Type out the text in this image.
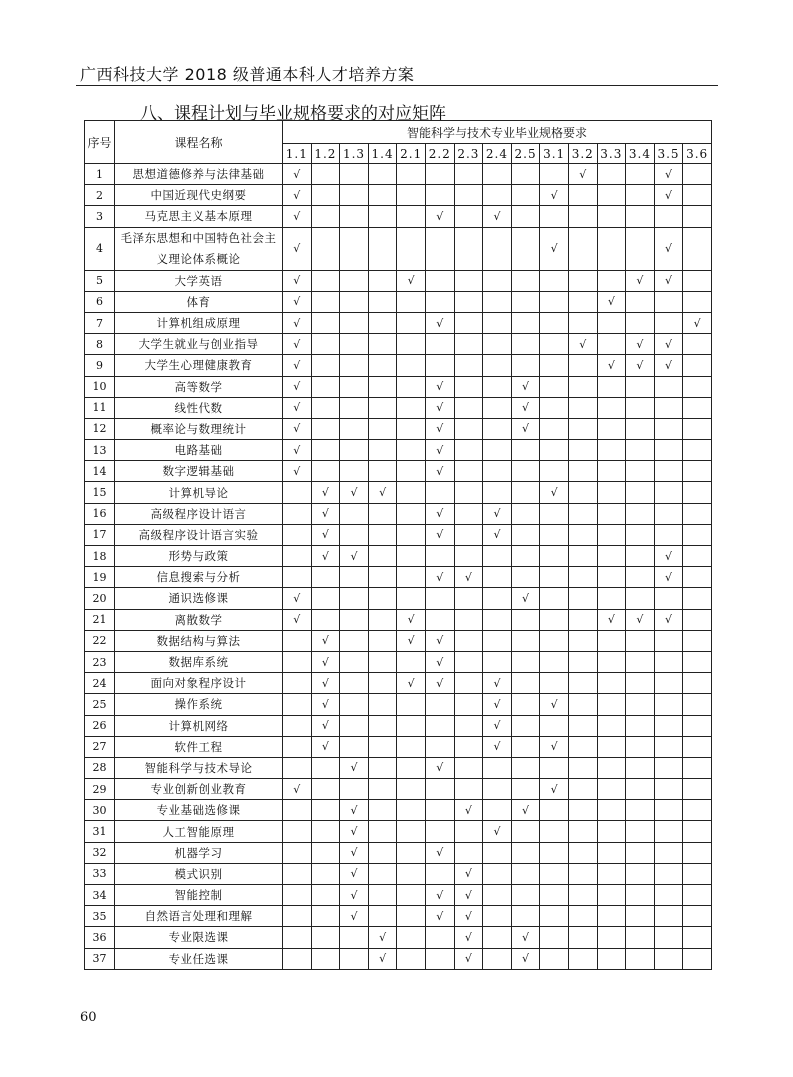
广西科技大学 2018 级普通本科人才培养方案
八、课程计划与毕业规格要求的对应矩阵
序号	课程名称	智能科学与技术专业毕业规格要求														
		1.1	1.2	1.3	1.4	2.1	2.2	2.3	2.4	2.5	3.1	3.2	3.3	3.4	3.5	3.6
1	思想道德修养与法律基础	√										√			√	
2	中国近现代史纲要	√									√				√	
3	马克思主义基本原理	√					√		√							
4	毛泽东思想和中国特色社会主义理论体系概论	√									√				√	
5	大学英语	√				√								√	√	
6	体育	√											√			
7	计算机组成原理	√					√									√
8	大学生就业与创业指导	√										√		√	√	
9	大学生心理健康教育	√											√	√	√	
10	高等数学	√					√			√						
11	线性代数	√					√			√						
12	概率论与数理统计	√					√			√						
13	电路基础	√					√									
14	数字逻辑基础	√					√									
15	计算机导论		√	√	√						√					
16	高级程序设计语言		√				√		√							
17	高级程序设计语言实验		√				√		√							
18	形势与政策		√	√											√	
19	信息搜索与分析						√	√							√	
20	通识选修课	√								√						
21	离散数学	√				√							√	√	√	
22	数据结构与算法		√			√	√									
23	数据库系统		√				√									
24	面向对象程序设计		√			√	√		√							
25	操作系统		√						√		√					
26	计算机网络		√						√							
27	软件工程		√						√		√					
28	智能科学与技术导论			√			√									
29	专业创新创业教育	√									√					
30	专业基础选修课			√				√		√						
31	人工智能原理			√					√							
32	机器学习			√			√									
33	模式识别			√				√								
34	智能控制			√			√	√								
35	自然语言处理和理解			√			√	√								
36	专业限选课				√			√		√						
37	专业任选课				√			√		√						
60
